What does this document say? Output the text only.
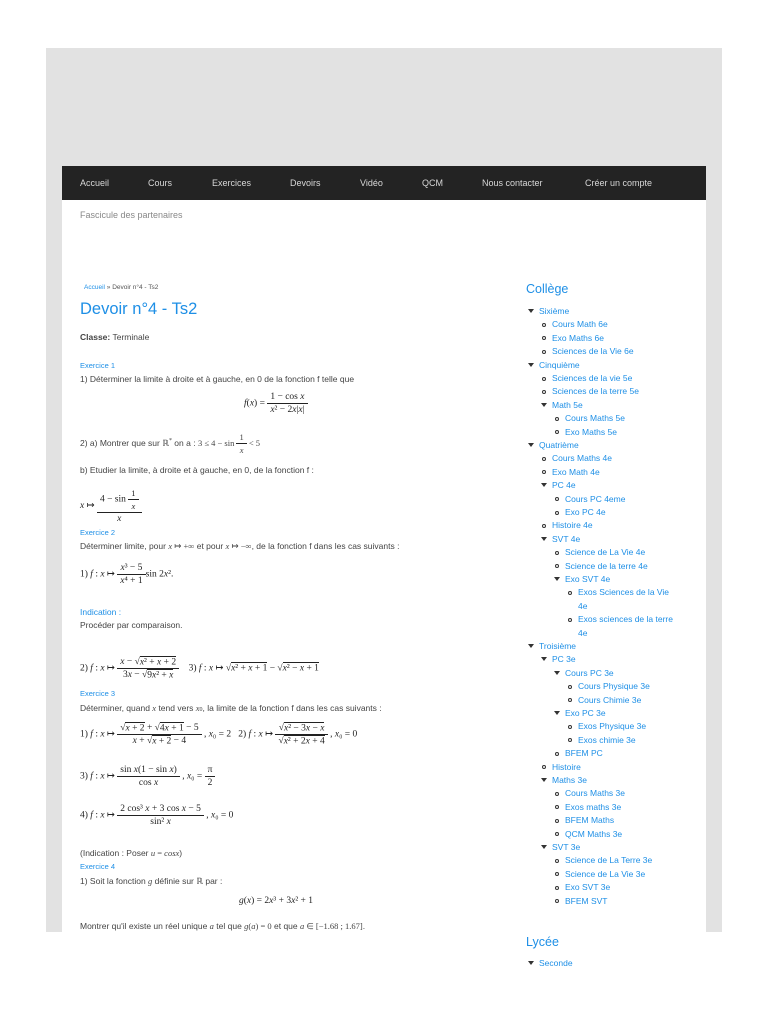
Accueil	Cours	Exercices	Devoirs	Vidéo	QCM	Nous contacter	Créer un compte
Fascicule des partenaires
Accueil » Devoir n°4 - Ts2
Devoir n°4 - Ts2
Classe: Terminale
Exercice 1
1) Déterminer la limite à droite et à gauche, en 0 de la fonction f telle que
$f(x) = \frac{\text{1 − cos x}}{\text{x² − 2x|x|}}$
2) a) Montrer que sur ℝ* on a : $3 \le 4 - \sin \frac{1}{x} < 5$
b) Etudier la limite, à droite et à gauche, en 0, de la fonction f :
x ↦ $\frac{4 - \sin \frac{1}{x}}{x}$
Exercice 2
Déterminer limite, pour x ↦ +∞ et pour x ↦ −∞, de la fonction f dans les cas suivants :
1) f : x ↦ $\frac{\text{x³ − 5}}{\text{x⁴ + 1}}$ sin 2x².
Indication :
Procéder par comparaison.
2) f : x ↦ $\frac{\text{x − √x² + x + 2}}{\text{3x − √9x² + x}} 3$) f : x ↦ √x² + x + 1 − √x² − x + 1
Exercice 3
Déterminer, quand x tend vers x0, la limite de la fonction f dans les cas suivants :
1) f : x ↦ $\frac{√x + 2 + √4x + 1 - 5}{x + √x + 2 - 4}$ , x₀ = 2   2) f : x ↦ $\frac{\text{√x² − 3x − x}}{\text{√x² + 2x + 4}}$ , x₀ = 0
3) f : x ↦ $\frac{\text{sin x(1 − sin x)}}{\text{cos x}}$ , $x_0 = \frac{\pi}{2}$
4) f : x ↦ $\frac{\text{2 cos³ x + 3 cos x − 5}}{\text{sin² x}}$ , x₀ = 0
(Indication : Poser u = cosx)
Exercice 4
1) Soit la fonction g définie sur ℝ par :
g(x) = 2x³ + 3x² + 1
Montrer qu'il existe un réel unique a tel que g(a) = 0 et que a ∈ [−1.68 ; 1.67].
Collège
Sixième
Cours Math 6e
Exo Maths 6e
Sciences de la Vie 6e
Cinquième
Sciences de la vie 5e
Sciences de la terre 5e
Math 5e
Cours Maths 5e
Exo Maths 5e
Quatrième
Cours Maths 4e
Exo Math 4e
PC 4e
Cours PC 4eme
Exo PC 4e
Histoire 4e
SVT 4e
Science de La Vie 4e
Science de la terre 4e
Exo SVT 4e
Exos Sciences de la Vie
4e
Exos sciences de la terre
4e
Troisième
PC 3e
Cours PC 3e
Cours Physique 3e
Cours Chimie 3e
Exo PC 3e
Exos Physique 3e
Exos chimie 3e
BFEM PC
Histoire
Maths 3e
Cours Maths 3e
Exos maths 3e
BFEM Maths
QCM Maths 3e
SVT 3e
Science de La Terre 3e
Science de La Vie 3e
Exo SVT 3e
BFEM SVT
Lycée
Seconde
